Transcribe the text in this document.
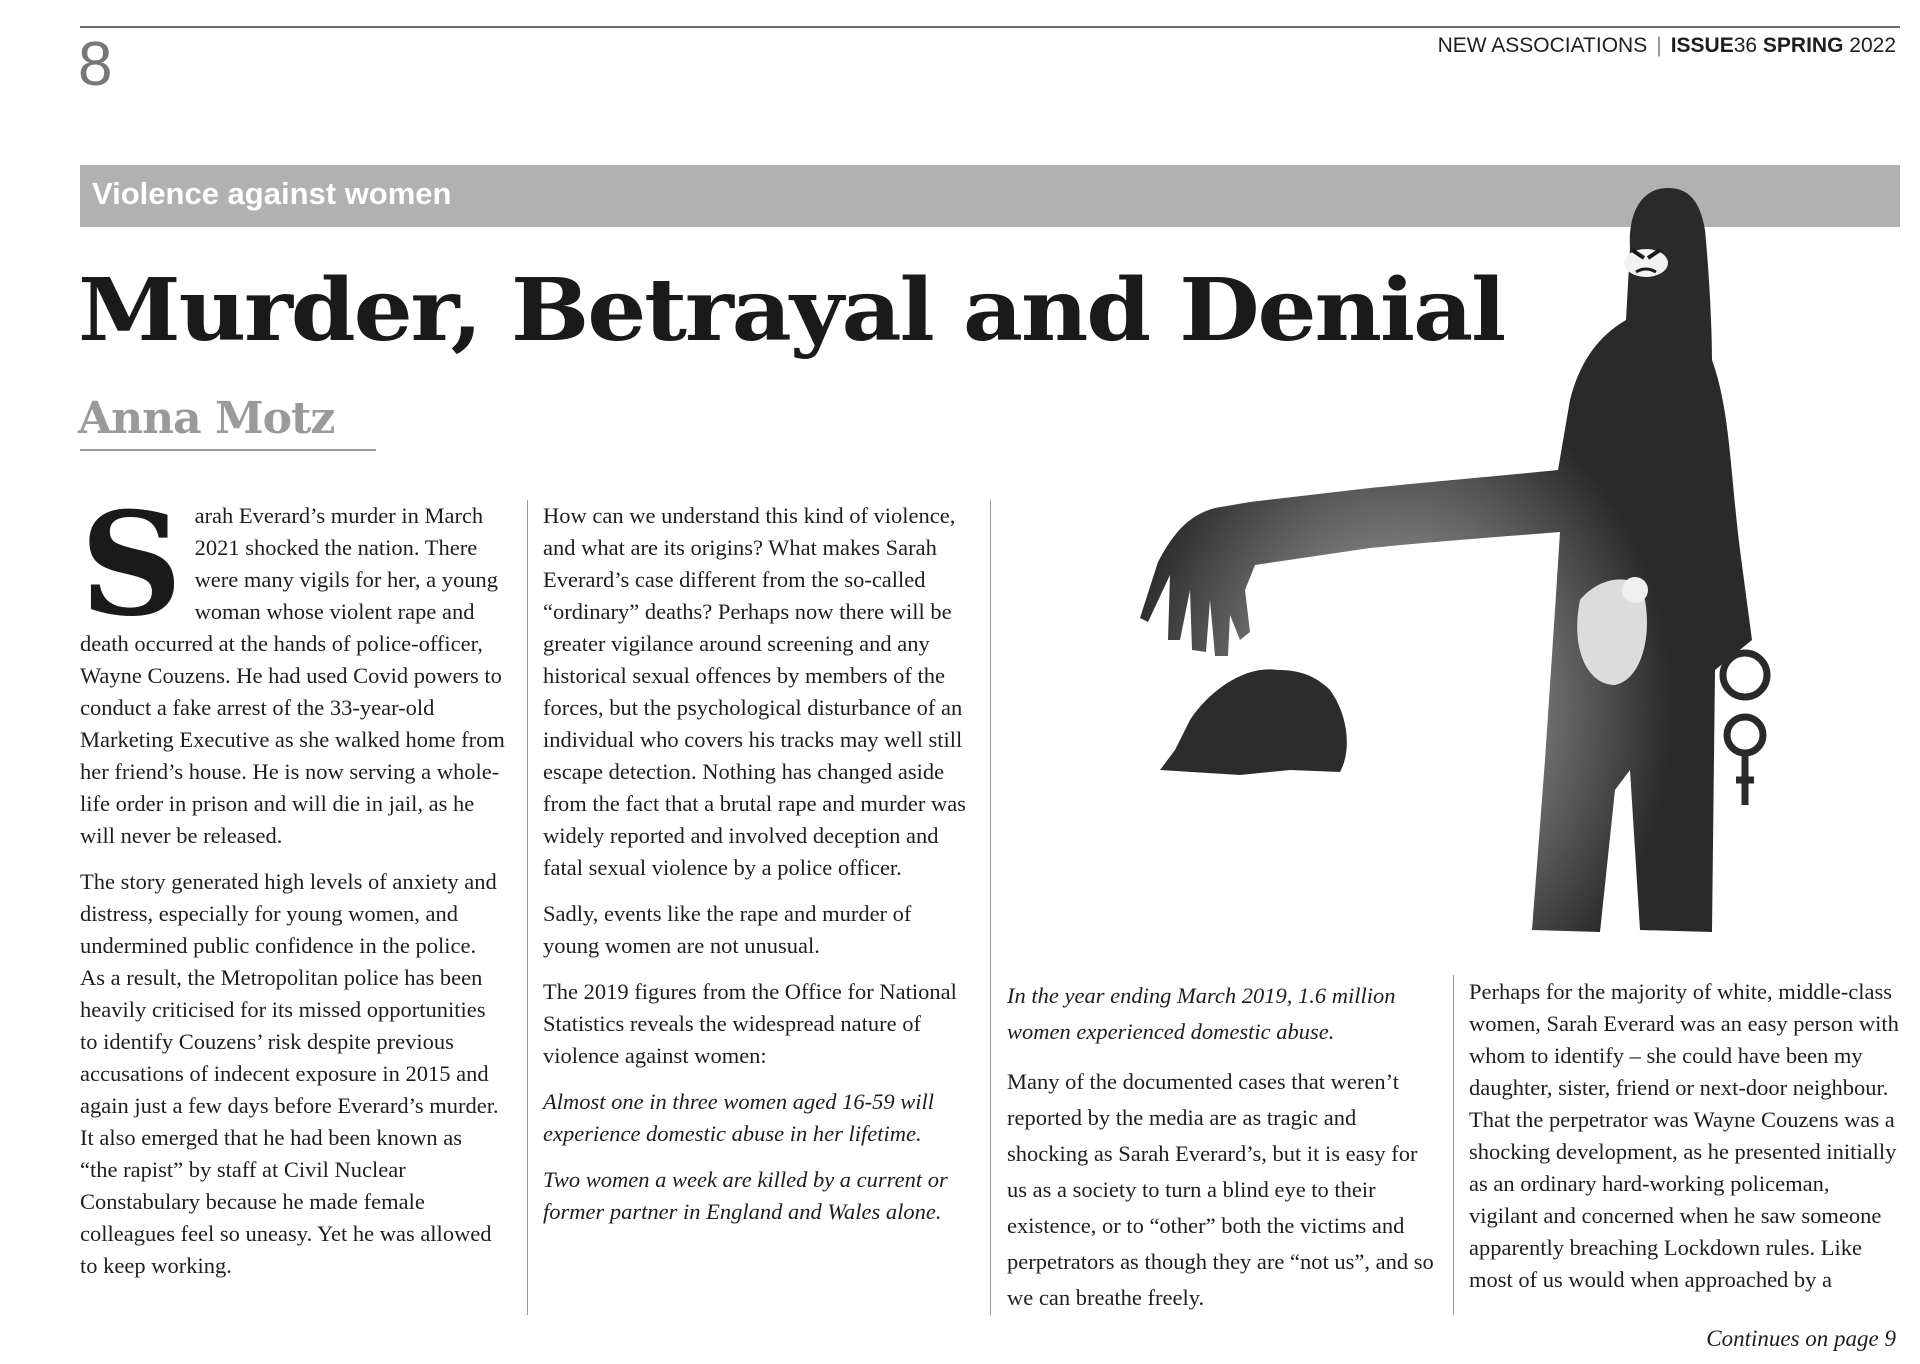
8	NEW ASSOCIATIONS | ISSUE36 SPRING 2022
Violence against women
Murder, Betrayal and Denial
Anna Motz

Sarah Everard’s murder in March 2021 shocked the nation. There were many vigils for her, a young woman whose violent rape and death occurred at the hands of police-officer, Wayne Couzens. He had used Covid powers to conduct a fake arrest of the 33-year-old Marketing Executive as she walked home from her friend’s house. He is now serving a whole-life order in prison and will die in jail, as he will never be released.

The story generated high levels of anxiety and distress, especially for young women, and undermined public confidence in the police. As a result, the Metropolitan police has been heavily criticised for its missed opportunities to identify Couzens’ risk despite previous accusations of indecent exposure in 2015 and again just a few days before Everard’s murder. It also emerged that he had been known as “the rapist” by staff at Civil Nuclear Constabulary because he made female colleagues feel so uneasy. Yet he was allowed to keep working.

How can we understand this kind of violence, and what are its origins? What makes Sarah Everard’s case different from the so-called “ordinary” deaths? Perhaps now there will be greater vigilance around screening and any historical sexual offences by members of the forces, but the psychological disturbance of an individual who covers his tracks may well still escape detection. Nothing has changed aside from the fact that a brutal rape and murder was widely reported and involved deception and fatal sexual violence by a police officer.

Sadly, events like the rape and murder of young women are not unusual.

The 2019 figures from the Office for National Statistics reveals the widespread nature of violence against women:

Almost one in three women aged 16-59 will experience domestic abuse in her lifetime.

Two women a week are killed by a current or former partner in England and Wales alone.

In the year ending March 2019, 1.6 million women experienced domestic abuse.

Many of the documented cases that weren’t reported by the media are as tragic and shocking as Sarah Everard’s, but it is easy for us as a society to turn a blind eye to their existence, or to “other” both the victims and perpetrators as though they are “not us”, and so we can breathe freely.

Perhaps for the majority of white, middle-class women, Sarah Everard was an easy person with whom to identify – she could have been my daughter, sister, friend or next-door neighbour. That the perpetrator was Wayne Couzens was a shocking development, as he presented initially as an ordinary hard-working policeman, vigilant and concerned when he saw someone apparently breaching Lockdown rules. Like most of us would when approached by a

Continues on page 9
